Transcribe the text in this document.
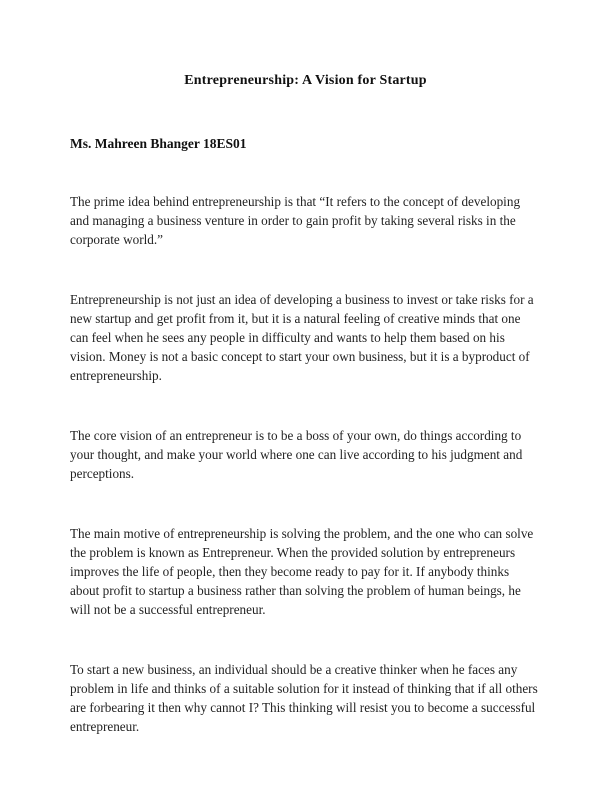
Entrepreneurship: A Vision for Startup

Ms. Mahreen Bhanger 18ES01

The prime idea behind entrepreneurship is that “It refers to the concept of developing and managing a business venture in order to gain profit by taking several risks in the corporate world.”

Entrepreneurship is not just an idea of developing a business to invest or take risks for a new startup and get profit from it, but it is a natural feeling of creative minds that one can feel when he sees any people in difficulty and wants to help them based on his vision. Money is not a basic concept to start your own business, but it is a byproduct of entrepreneurship.

The core vision of an entrepreneur is to be a boss of your own, do things according to your thought, and make your world where one can live according to his judgment and perceptions.

The main motive of entrepreneurship is solving the problem, and the one who can solve the problem is known as Entrepreneur. When the provided solution by entrepreneurs improves the life of people, then they become ready to pay for it. If anybody thinks about profit to startup a business rather than solving the problem of human beings, he will not be a successful entrepreneur.

To start a new business, an individual should be a creative thinker when he faces any problem in life and thinks of a suitable solution for it instead of thinking that if all others are forbearing it then why cannot I? This thinking will resist you to become a successful entrepreneur.
